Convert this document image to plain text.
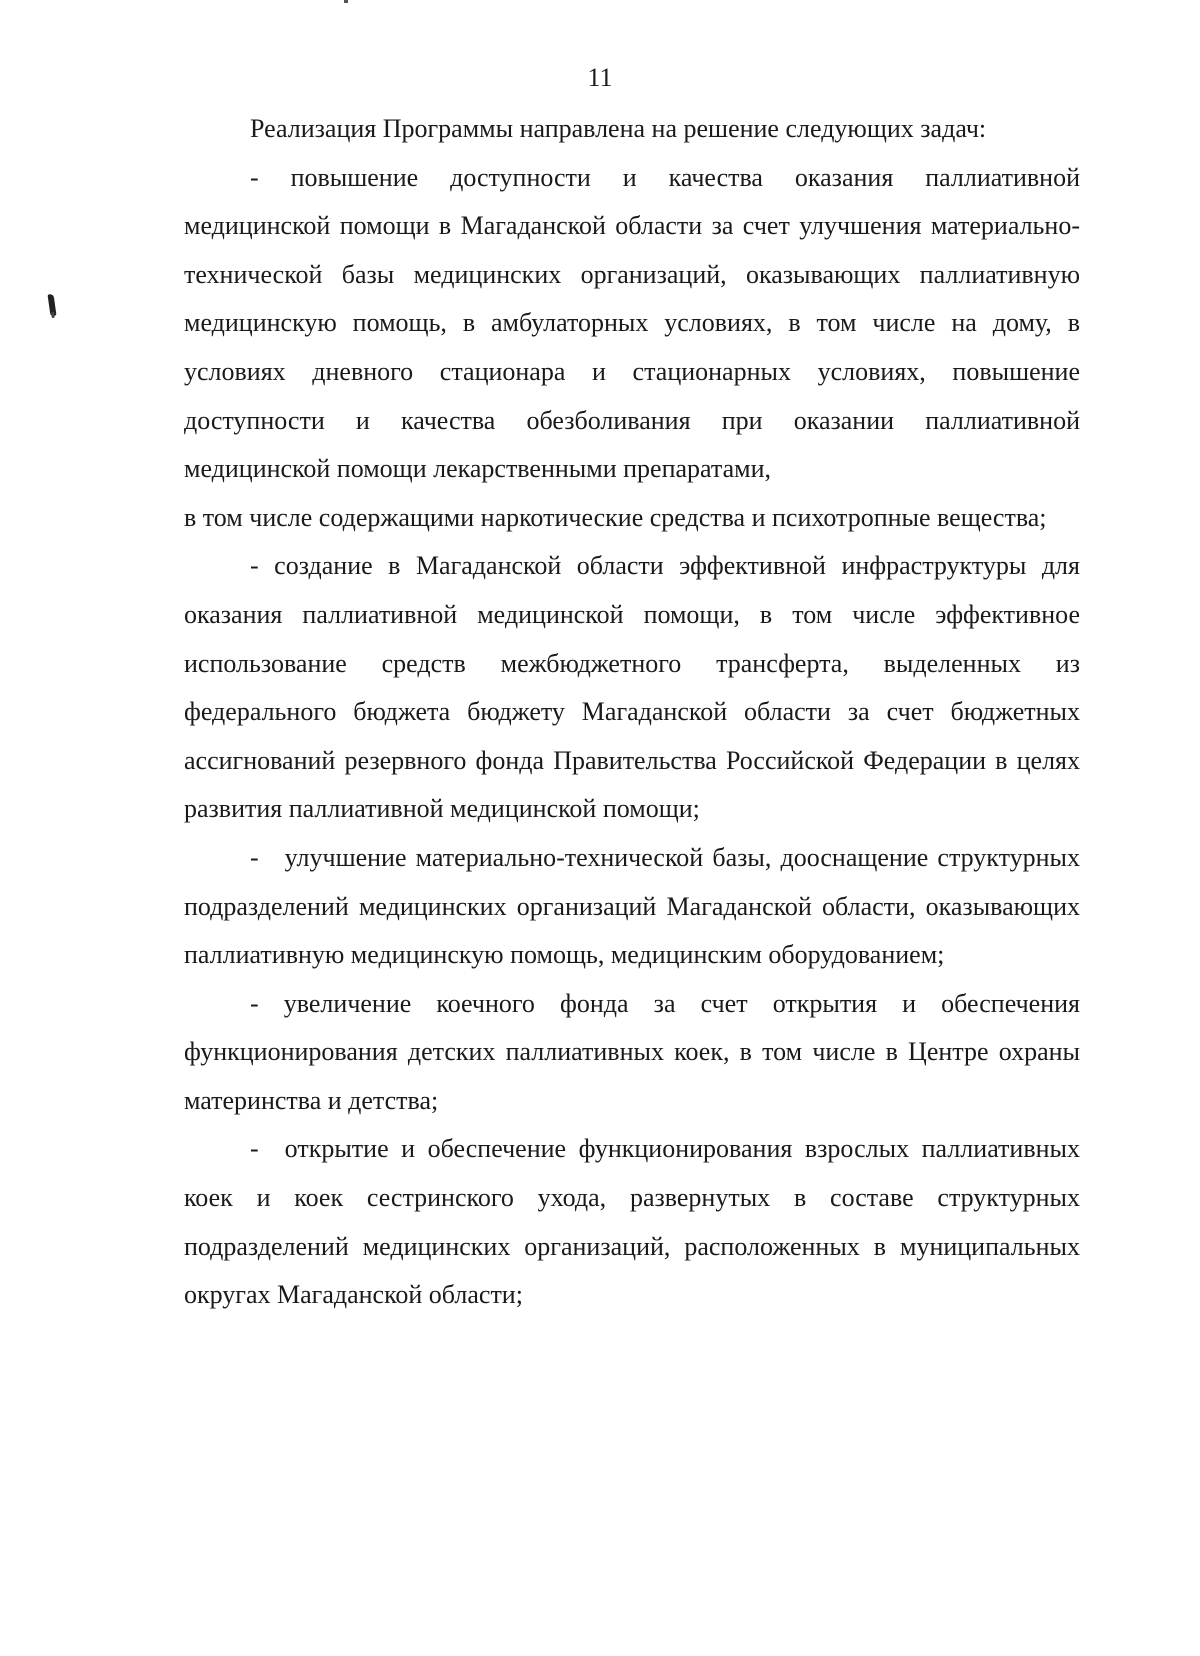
11

Реализация Программы направлена на решение следующих задач:

- повышение доступности и качества оказания паллиативной медицинской помощи в Магаданской области за счет улучшения материально-технической базы медицинских организаций, оказывающих паллиативную медицинскую помощь, в амбулаторных условиях, в том числе на дому, в условиях дневного стационара и стационарных условиях, повышение доступности и качества обезболивания при оказании паллиативной медицинской помощи лекарственными препаратами,

в том числе содержащими наркотические средства и психотропные вещества;

- создание в Магаданской области эффективной инфраструктуры для оказания паллиативной медицинской помощи, в том числе эффективное использование средств межбюджетного трансферта, выделенных из федерального бюджета бюджету Магаданской области за счет бюджетных ассигнований резервного фонда Правительства Российской Федерации в целях развития паллиативной медицинской помощи;

- улучшение материально-технической базы, дооснащение структурных подразделений медицинских организаций Магаданской области, оказывающих паллиативную медицинскую помощь, медицинским оборудованием;

- увеличение коечного фонда за счет открытия и обеспечения функционирования детских паллиативных коек, в том числе в Центре охраны материнства и детства;

- открытие и обеспечение функционирования взрослых паллиативных коек и коек сестринского ухода, развернутых в составе структурных подразделений медицинских организаций, расположенных в муниципальных округах Магаданской области;
